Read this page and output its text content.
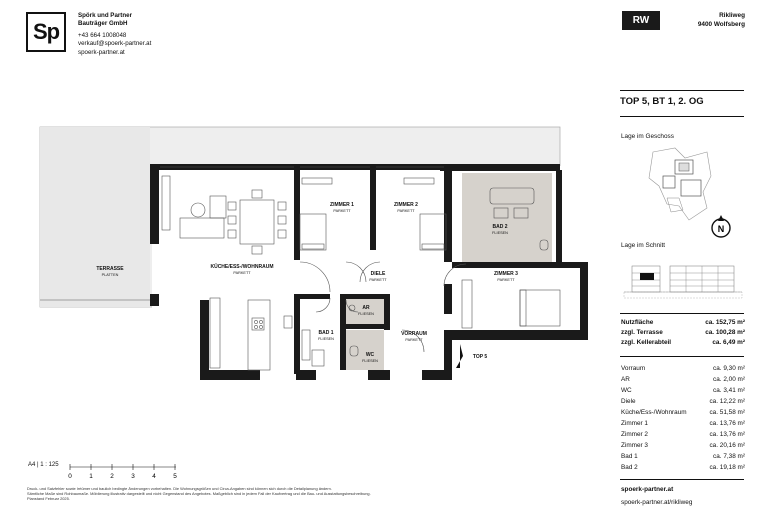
Sp
Spörk und Partner
Bauträger GmbH
+43 664 1008048
verkauf@spoerk-partner.at
spoerk-partner.at
RW	Rikliweg
9400 Wolfsberg
TOP 5, BT 1, 2. OG
Lage im Geschoss
N
Lage im Schnitt
Nutzfläche	ca. 152,75 m²
zzgl. Terrasse	ca. 100,28 m²
zzgl. Kellerabteil	ca. 6,49 m²
Vorraum	ca. 9,30 m²
AR	ca. 2,00 m²
WC	ca. 3,41 m²
Diele	ca. 12,22 m²
Küche/Ess-/Wohnraum	ca. 51,58 m²
Zimmer 1	ca. 13,76 m²
Zimmer 2	ca. 13,76 m²
Zimmer 3	ca. 20,16 m²
Bad 1	ca. 7,38 m²
Bad 2	ca. 19,18 m²
spoerk-partner.at
spoerk-partner.at/rikliweg
TERRASSE
PLATTEN
KÜCHE/ESS-/WOHNRAUM
PARKETT
ZIMMER 1
PARKETT
ZIMMER 2
PARKETT
BAD 2
FLIESEN
DIELE
PARKETT
ZIMMER 3
PARKETT
AR
FLIESEN
BAD 1
FLIESEN
VORRAUM
PARKETT
WC
FLIESEN
TOP 5
A4 | 1 : 125
0	1	2	3	4	5
Druck- und Satzfehler sowie Irrtümer und baulich bedingte Änderungen vorbehalten. Die Wohnungsgrößen und Circa-Angaben sind können sich durch die Detailplanung ändern.
Sämtliche Maße sind Rohbaumaße. Möblierung illustrativ dargestellt und nicht Gegenstand des Angebotes. Maßgeblich sind in jedem Fall der Kaufvertrag und die Bau- und Ausstattungsbeschreibung.
Planstand Februar 2025.
